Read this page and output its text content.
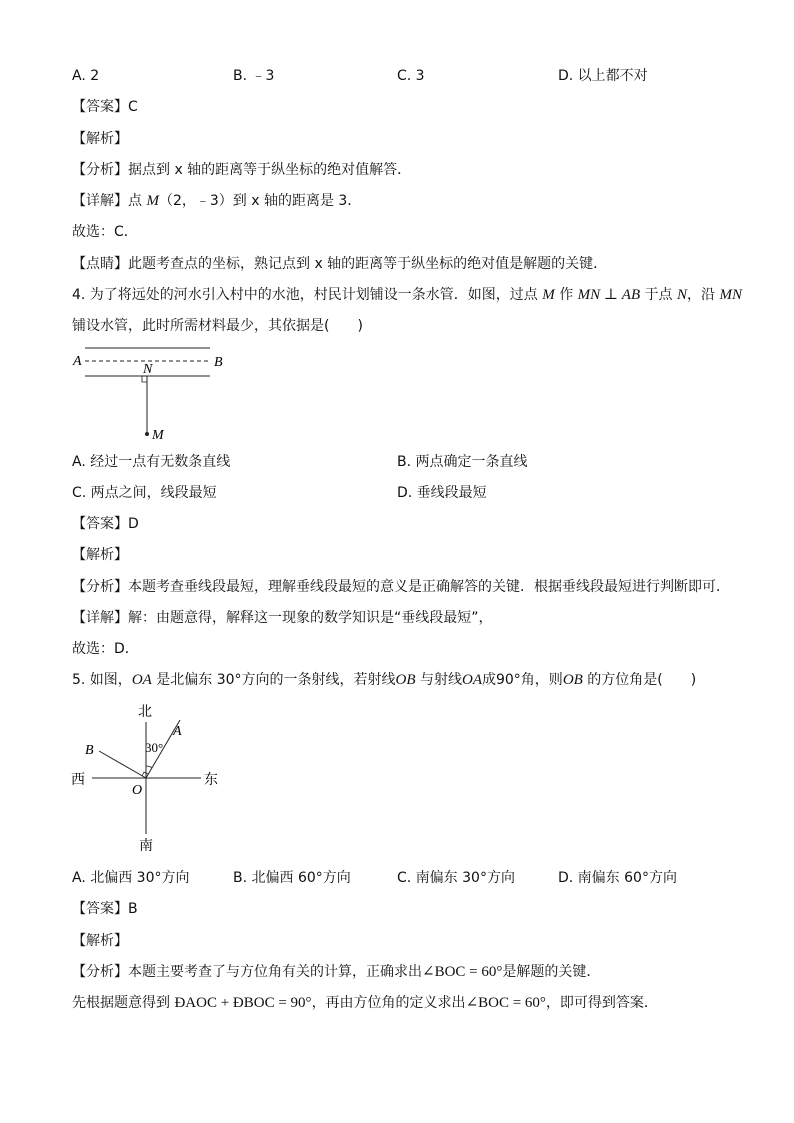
A. 2	B. ﹣3	C. 3	D. 以上都不对
【答案】C
【解析】
【分析】据点到 x 轴的距离等于纵坐标的绝对值解答．
【详解】点 M（2，﹣3）到 x 轴的距离是 3．
故选：C．
【点睛】此题考查点的坐标，熟记点到 x 轴的距离等于纵坐标的绝对值是解题的关键．
4. 为了将远处的河水引入村中的水池，村民计划铺设一条水管．如图，过点 M 作 MN ⊥ AB 于点 N，沿 MN
铺设水管，此时所需材料最少，其依据是(　　)
A	B
N
M
A. 经过一点有无数条直线	B. 两点确定一条直线
C. 两点之间，线段最短	D. 垂线段最短
【答案】D
【解析】
【分析】本题考查垂线段最短，理解垂线段最短的意义是正确解答的关键．根据垂线段最短进行判断即可．
【详解】解：由题意得，解释这一现象的数学知识是“垂线段最短”，
故选：D．
5. 如图，OA 是北偏东 30°方向的一条射线，若射线OB 与射线OA成90°角，则OB 的方位角是(　　)
北
南
西	东
O
A
B	30°
A. 北偏西 30°方向	B. 北偏西 60°方向	C. 南偏东 30°方向	D. 南偏东 60°方向
【答案】B
【解析】
【分析】本题主要考查了与方位角有关的计算，正确求出∠BOC = 60°是解题的关键．
先根据题意得到 ÐAOC + ÐBOC = 90°，再由方位角的定义求出∠BOC = 60°，即可得到答案．
